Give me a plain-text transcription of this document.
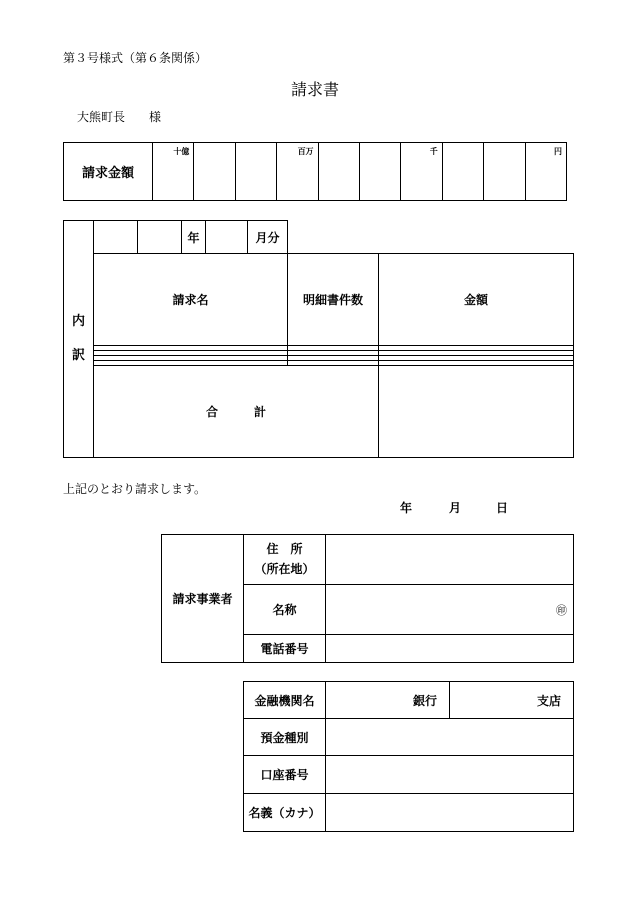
第３号様式（第６条関係）
請求書
大熊町長　　様
請求金額	十億			百万			千			円
内
訳
		年		月分
請求名	明細書件数	金額

合　　　計		
上記のとおり請求します。
年	月	日
請求事業者	住　所
（所在地）	

	名称	㊞
	電話番号	
金融機関名	銀行	支店
預金種別		
口座番号		
名義（カナ）		
